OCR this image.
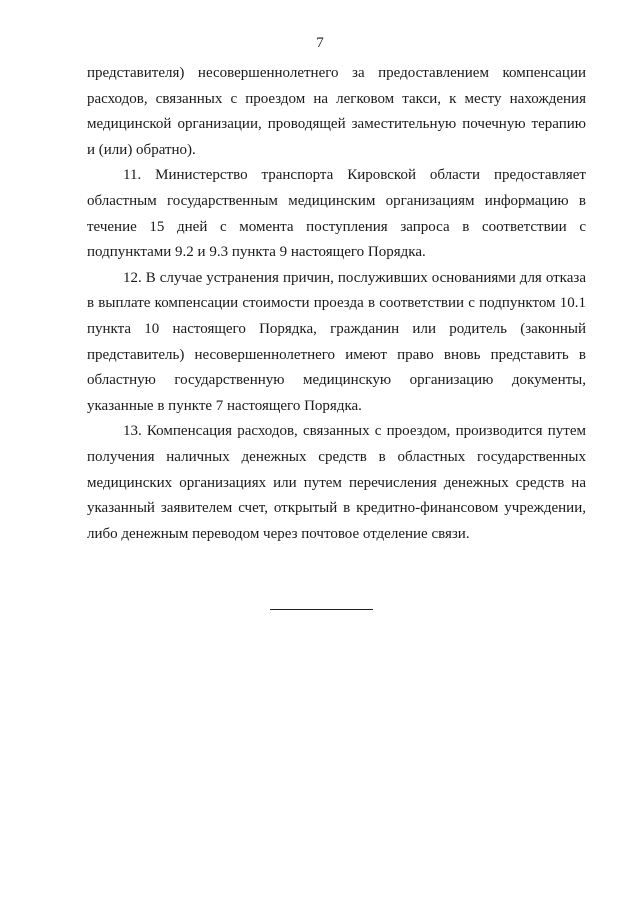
7

представителя) несовершеннолетнего за предоставлением компенсации расходов, связанных с проездом на легковом такси, к месту нахождения медицинской организации, проводящей заместительную почечную терапию и (или) обратно).

11. Министерство транспорта Кировской области предоставляет областным государственным медицинским организациям информацию в течение 15 дней с момента поступления запроса в соответствии с подпунктами 9.2 и 9.3 пункта 9 настоящего Порядка.

12. В случае устранения причин, послуживших основаниями для отказа в выплате компенсации стоимости проезда в соответствии с подпунктом 10.1 пункта 10 настоящего Порядка, гражданин или родитель (законный представитель) несовершеннолетнего имеют право вновь представить в областную государственную медицинскую организацию документы, указанные в пункте 7 настоящего Порядка.

13. Компенсация расходов, связанных с проездом, производится путем получения наличных денежных средств в областных государственных медицинских организациях или путем перечисления денежных средств на указанный заявителем счет, открытый в кредитно-финансовом учреждении, либо денежным переводом через почтовое отделение связи.
